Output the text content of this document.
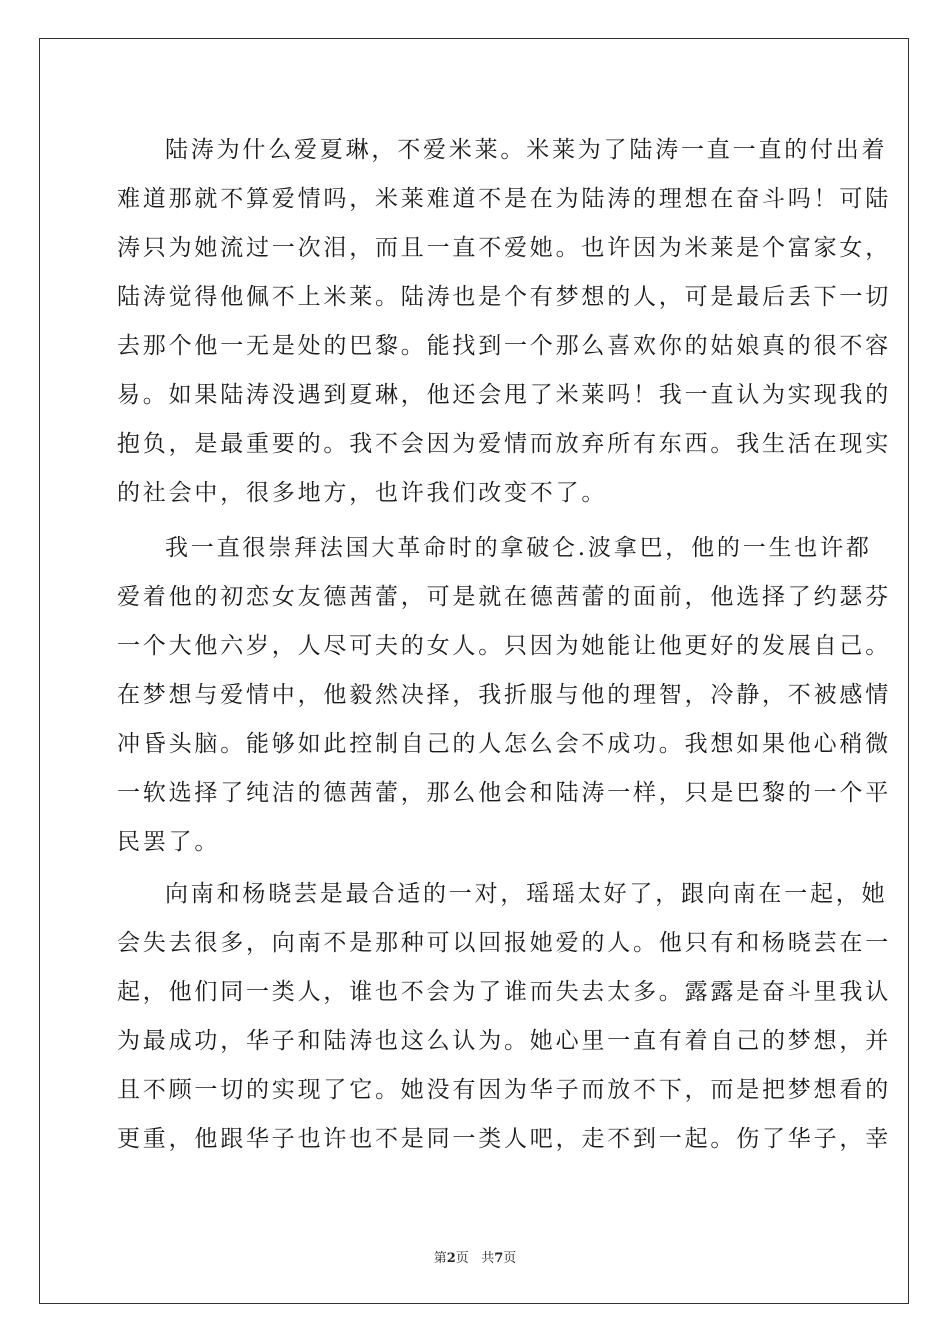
陆涛为什么爱夏琳，不爱米莱。米莱为了陆涛一直一直的付出着
难道那就不算爱情吗，米莱难道不是在为陆涛的理想在奋斗吗！可陆
涛只为她流过一次泪，而且一直不爱她。也许因为米莱是个富家女，
陆涛觉得他佩不上米莱。陆涛也是个有梦想的人，可是最后丢下一切
去那个他一无是处的巴黎。能找到一个那么喜欢你的姑娘真的很不容
易。如果陆涛没遇到夏琳，他还会甩了米莱吗！我一直认为实现我的
抱负，是最重要的。我不会因为爱情而放弃所有东西。我生活在现实
的社会中，很多地方，也许我们改变不了。
我一直很崇拜法国大革命时的拿破仑.波拿巴，他的一生也许都
爱着他的初恋女友德茜蕾，可是就在德茜蕾的面前，他选择了约瑟芬
一个大他六岁，人尽可夫的女人。只因为她能让他更好的发展自己。
在梦想与爱情中，他毅然决择，我折服与他的理智，冷静，不被感情
冲昏头脑。能够如此控制自己的人怎么会不成功。我想如果他心稍微
一软选择了纯洁的德茜蕾，那么他会和陆涛一样，只是巴黎的一个平
民罢了。
向南和杨晓芸是最合适的一对，瑶瑶太好了，跟向南在一起，她
会失去很多，向南不是那种可以回报她爱的人。他只有和杨晓芸在一
起，他们同一类人，谁也不会为了谁而失去太多。露露是奋斗里我认
为最成功，华子和陆涛也这么认为。她心里一直有着自己的梦想，并
且不顾一切的实现了它。她没有因为华子而放不下，而是把梦想看的
更重，他跟华子也许也不是同一类人吧，走不到一起。伤了华子，幸
第2页 共7页
